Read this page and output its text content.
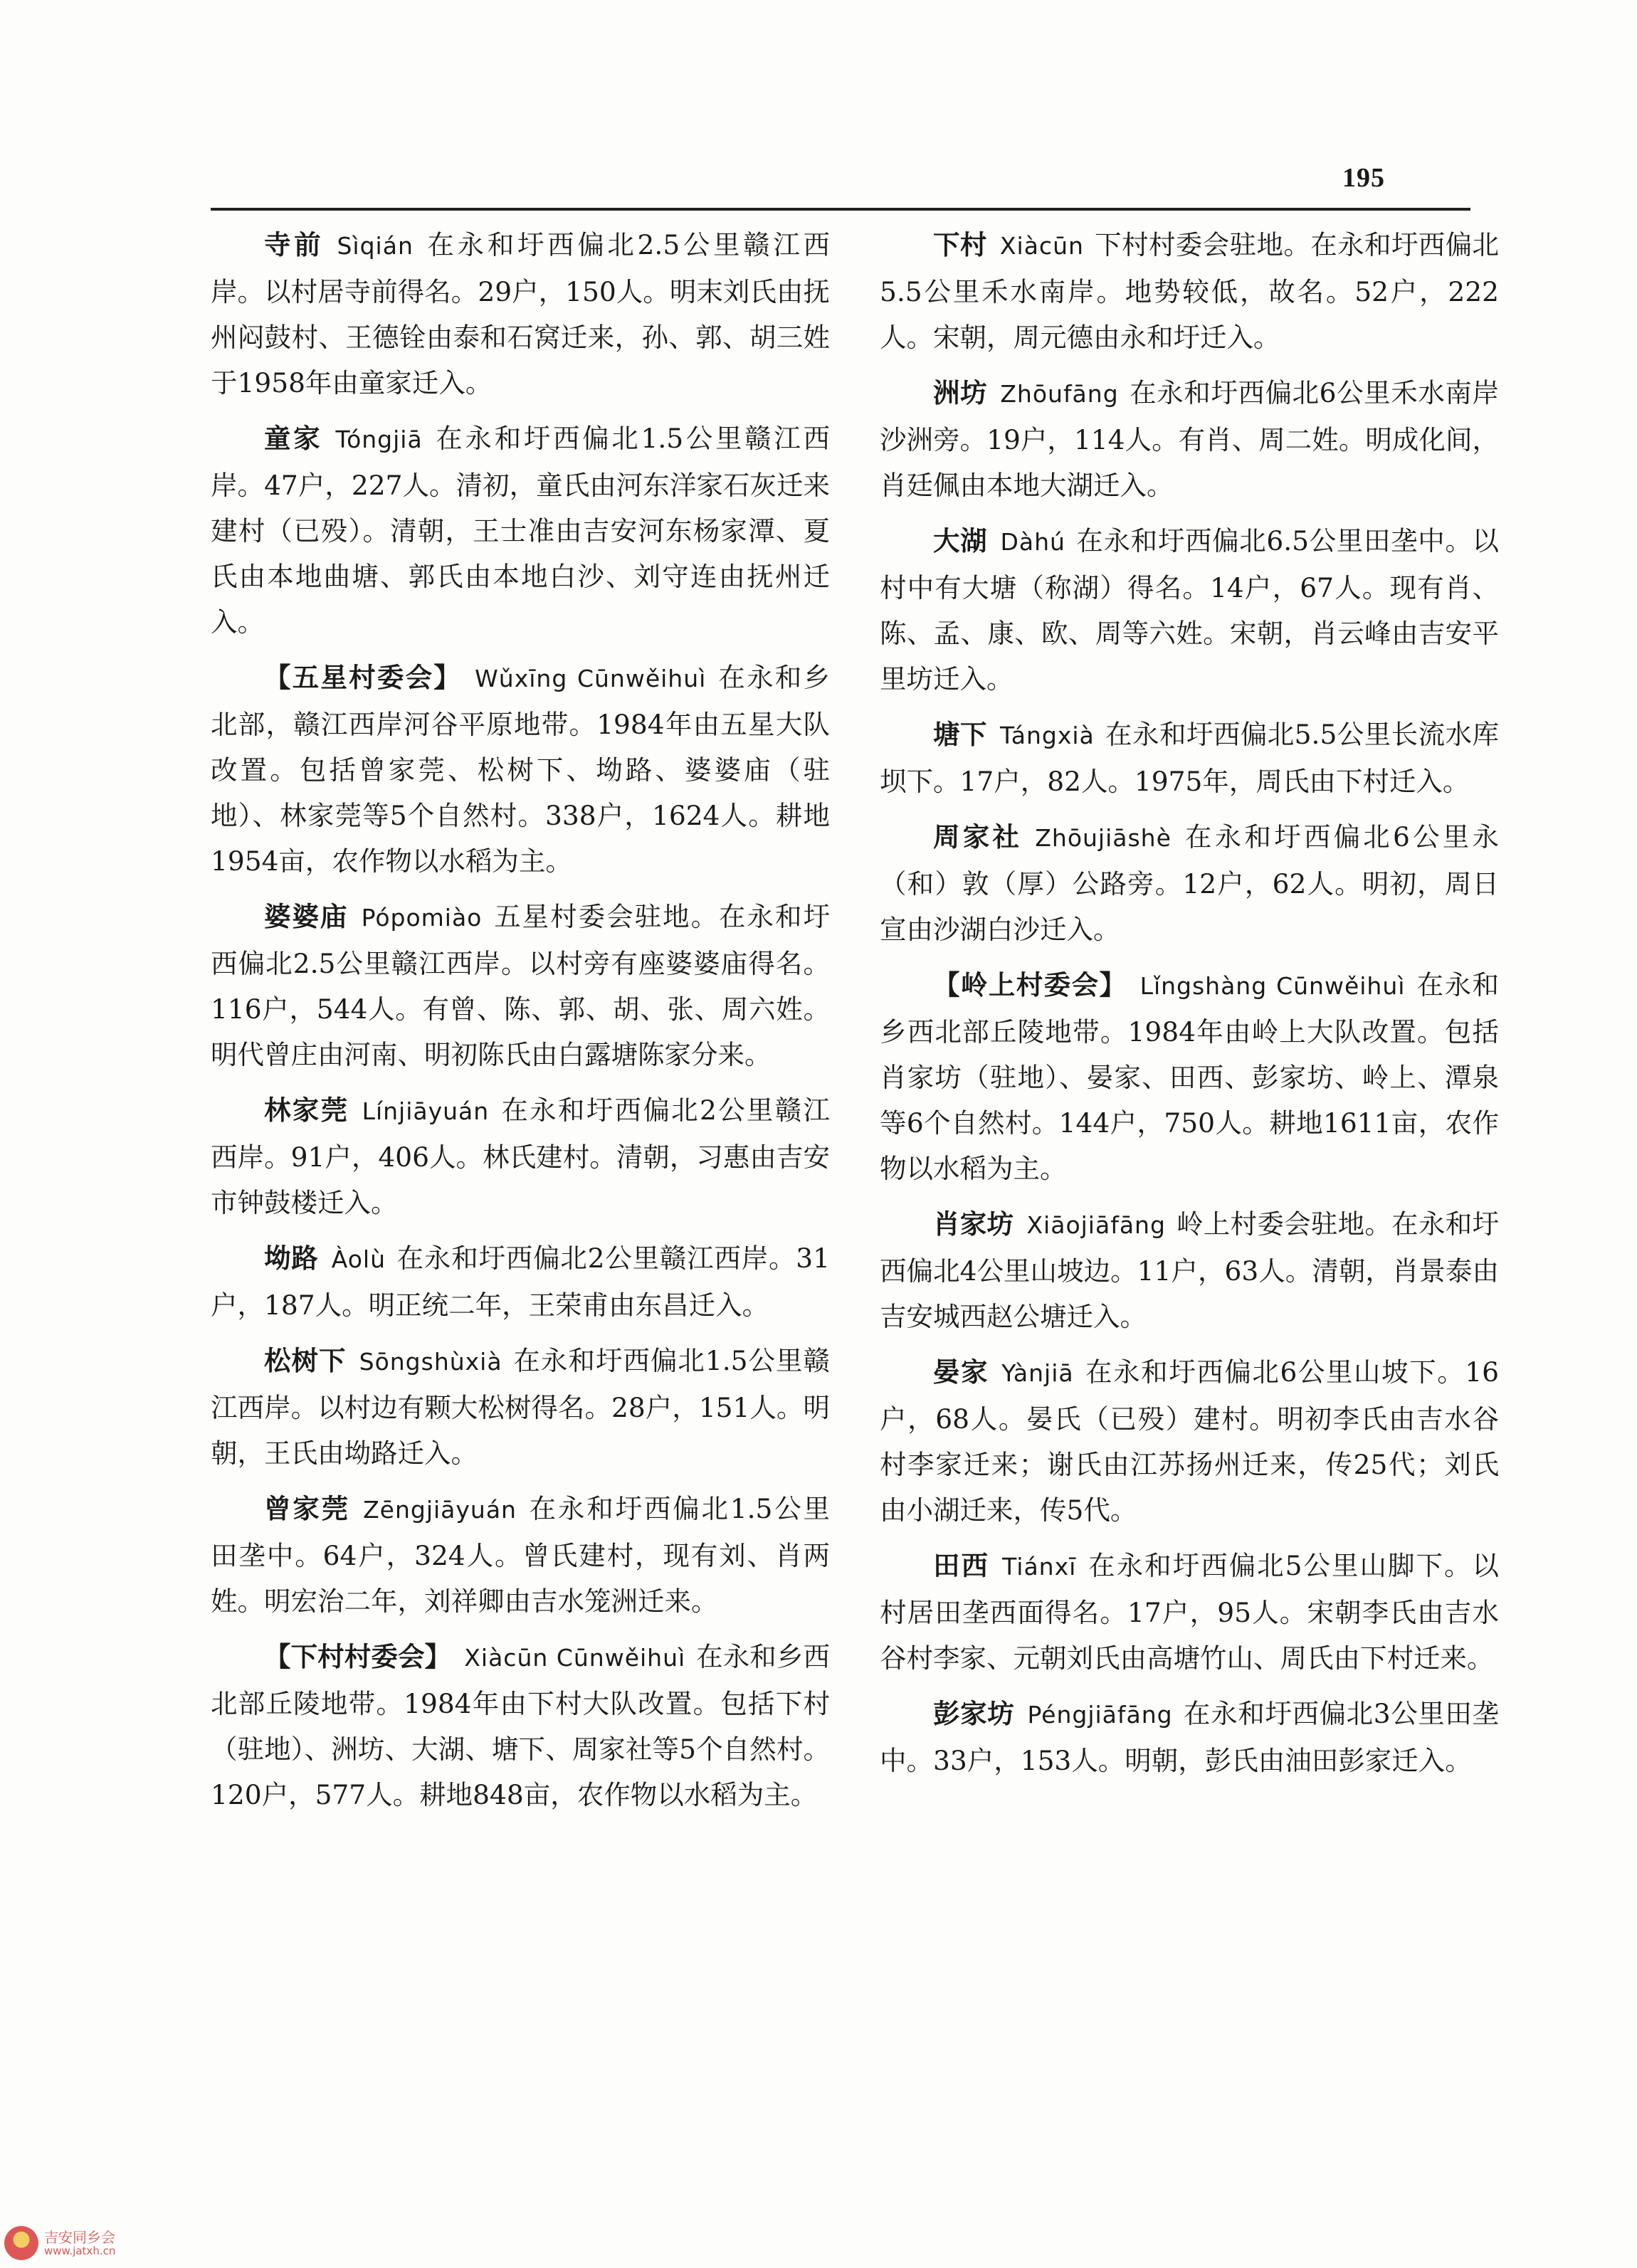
195

寺前 Sìqián 在永和圩西偏北2.5公里赣江西岸。以村居寺前得名。29户，150人。明末刘氏由抚州闷鼓村、王德铨由泰和石窝迁来，孙、郭、胡三姓于1958年由童家迁入。

童家 Tóngjiā 在永和圩西偏北1.5公里赣江西岸。47户，227人。清初，童氏由河东洋家石灰迁来建村（已殁）。清朝，王士准由吉安河东杨家潭、夏氏由本地曲塘、郭氏由本地白沙、刘守连由抚州迁入。

【五星村委会】 Wǔxīng Cūnwěihuì 在永和乡北部，赣江西岸河谷平原地带。1984年由五星大队改置。包括曾家莞、松树下、坳路、婆婆庙（驻地）、林家莞等5个自然村。338户，1624人。耕地1954亩，农作物以水稻为主。

婆婆庙 Pópomiào 五星村委会驻地。在永和圩西偏北2.5公里赣江西岸。以村旁有座婆婆庙得名。116户，544人。有曾、陈、郭、胡、张、周六姓。明代曾庄由河南、明初陈氏由白露塘陈家分来。

林家莞 Línjiāyuán 在永和圩西偏北2公里赣江西岸。91户，406人。林氏建村。清朝，习惠由吉安市钟鼓楼迁入。

坳路 Àolù 在永和圩西偏北2公里赣江西岸。31户，187人。明正统二年，王荣甫由东昌迁入。

松树下 Sōngshùxià 在永和圩西偏北1.5公里赣江西岸。以村边有颗大松树得名。28户，151人。明朝，王氏由坳路迁入。

曾家莞 Zēngjiāyuán 在永和圩西偏北1.5公里田垄中。64户，324人。曾氏建村，现有刘、肖两姓。明宏治二年，刘祥卿由吉水笼洲迁来。

【下村村委会】 Xiàcūn Cūnwěihuì 在永和乡西北部丘陵地带。1984年由下村大队改置。包括下村（驻地）、洲坊、大湖、塘下、周家社等5个自然村。120户，577人。耕地848亩，农作物以水稻为主。

下村 Xiàcūn 下村村委会驻地。在永和圩西偏北5.5公里禾水南岸。地势较低，故名。52户，222人。宋朝，周元德由永和圩迁入。

洲坊 Zhōufāng 在永和圩西偏北6公里禾水南岸沙洲旁。19户，114人。有肖、周二姓。明成化间，肖廷佩由本地大湖迁入。

大湖 Dàhú 在永和圩西偏北6.5公里田垄中。以村中有大塘（称湖）得名。14户，67人。现有肖、陈、孟、康、欧、周等六姓。宋朝，肖云峰由吉安平里坊迁入。

塘下 Tángxià 在永和圩西偏北5.5公里长流水库坝下。17户，82人。1975年，周氏由下村迁入。

周家社 Zhōujiāshè 在永和圩西偏北6公里永（和）敦（厚）公路旁。12户，62人。明初，周日宣由沙湖白沙迁入。

【岭上村委会】 Lǐngshàng Cūnwěihuì 在永和乡西北部丘陵地带。1984年由岭上大队改置。包括肖家坊（驻地）、晏家、田西、彭家坊、岭上、潭泉等6个自然村。144户，750人。耕地1611亩，农作物以水稻为主。

肖家坊 Xiāojiāfāng 岭上村委会驻地。在永和圩西偏北4公里山坡边。11户，63人。清朝，肖景泰由吉安城西赵公塘迁入。

晏家 Yànjiā 在永和圩西偏北6公里山坡下。16户，68人。晏氏（已殁）建村。明初李氏由吉水谷村李家迁来；谢氏由江苏扬州迁来，传25代；刘氏由小湖迁来，传5代。

田西 Tiánxī 在永和圩西偏北5公里山脚下。以村居田垄西面得名。17户，95人。宋朝李氏由吉水谷村李家、元朝刘氏由高塘竹山、周氏由下村迁来。

彭家坊 Péngjiāfāng 在永和圩西偏北3公里田垄中。33户，153人。明朝，彭氏由油田彭家迁入。

吉安同乡会
www.jatxh.cn
